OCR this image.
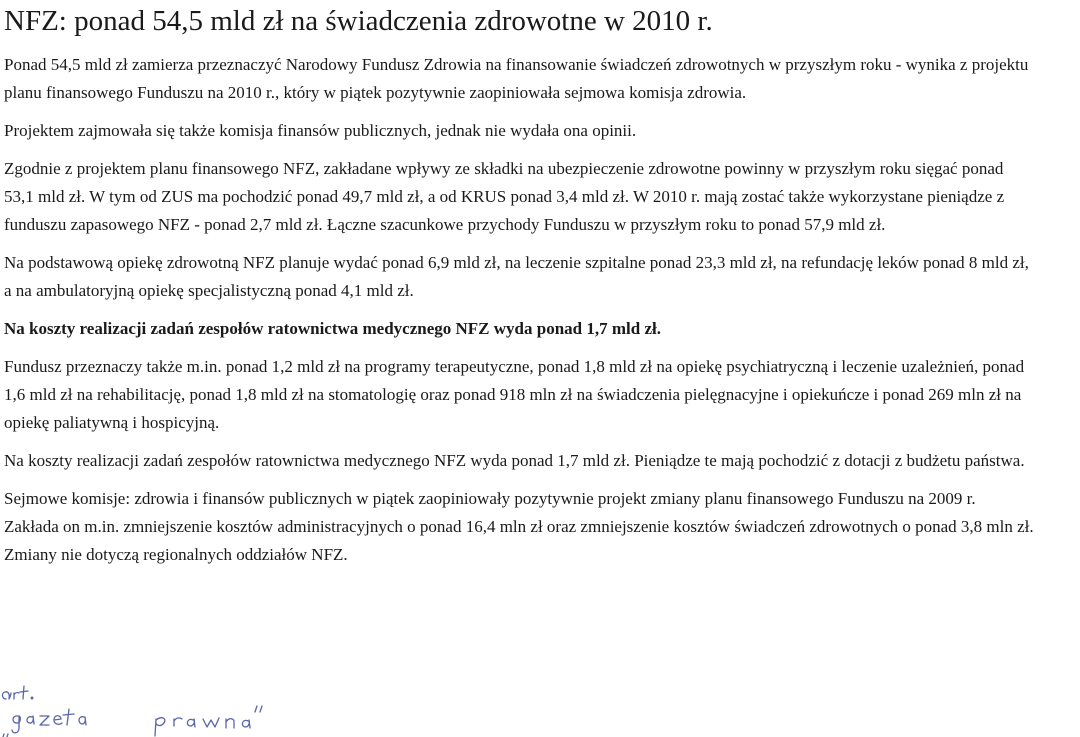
NFZ: ponad 54,5 mld zł na świadczenia zdrowotne w 2010 r.

Ponad 54,5 mld zł zamierza przeznaczyć Narodowy Fundusz Zdrowia na finansowanie świadczeń zdrowotnych w przyszłym roku - wynika z projektu planu finansowego Funduszu na 2010 r., który w piątek pozytywnie zaopiniowała sejmowa komisja zdrowia.

Projektem zajmowała się także komisja finansów publicznych, jednak nie wydała ona opinii.

Zgodnie z projektem planu finansowego NFZ, zakładane wpływy ze składki na ubezpieczenie zdrowotne powinny w przyszłym roku sięgać ponad 53,1 mld zł. W tym od ZUS ma pochodzić ponad 49,7 mld zł, a od KRUS ponad 3,4 mld zł. W 2010 r. mają zostać także wykorzystane pieniądze z funduszu zapasowego NFZ - ponad 2,7 mld zł. Łączne szacunkowe przychody Funduszu w przyszłym roku to ponad 57,9 mld zł.

Na podstawową opiekę zdrowotną NFZ planuje wydać ponad 6,9 mld zł, na leczenie szpitalne ponad 23,3 mld zł, na refundację leków ponad 8 mld zł, a na ambulatoryjną opiekę specjalistyczną ponad 4,1 mld zł.

Na koszty realizacji zadań zespołów ratownictwa medycznego NFZ wyda ponad 1,7 mld zł.

Fundusz przeznaczy także m.in. ponad 1,2 mld zł na programy terapeutyczne, ponad 1,8 mld zł na opiekę psychiatryczną i leczenie uzależnień, ponad 1,6 mld zł na rehabilitację, ponad 1,8 mld zł na stomatologię oraz ponad 918 mln zł na świadczenia pielęgnacyjne i opiekuńcze i ponad 269 mln zł na opiekę paliatywną i hospicyjną.

Na koszty realizacji zadań zespołów ratownictwa medycznego NFZ wyda ponad 1,7 mld zł. Pieniądze te mają pochodzić z dotacji z budżetu państwa.

Sejmowe komisje: zdrowia i finansów publicznych w piątek zaopiniowały pozytywnie projekt zmiany planu finansowego Funduszu na 2009 r. Zakłada on m.in. zmniejszenie kosztów administracyjnych o ponad 16,4 mln zł oraz zmniejszenie kosztów świadczeń zdrowotnych o ponad 3,8 mln zł. Zmiany nie dotyczą regionalnych oddziałów NFZ.
